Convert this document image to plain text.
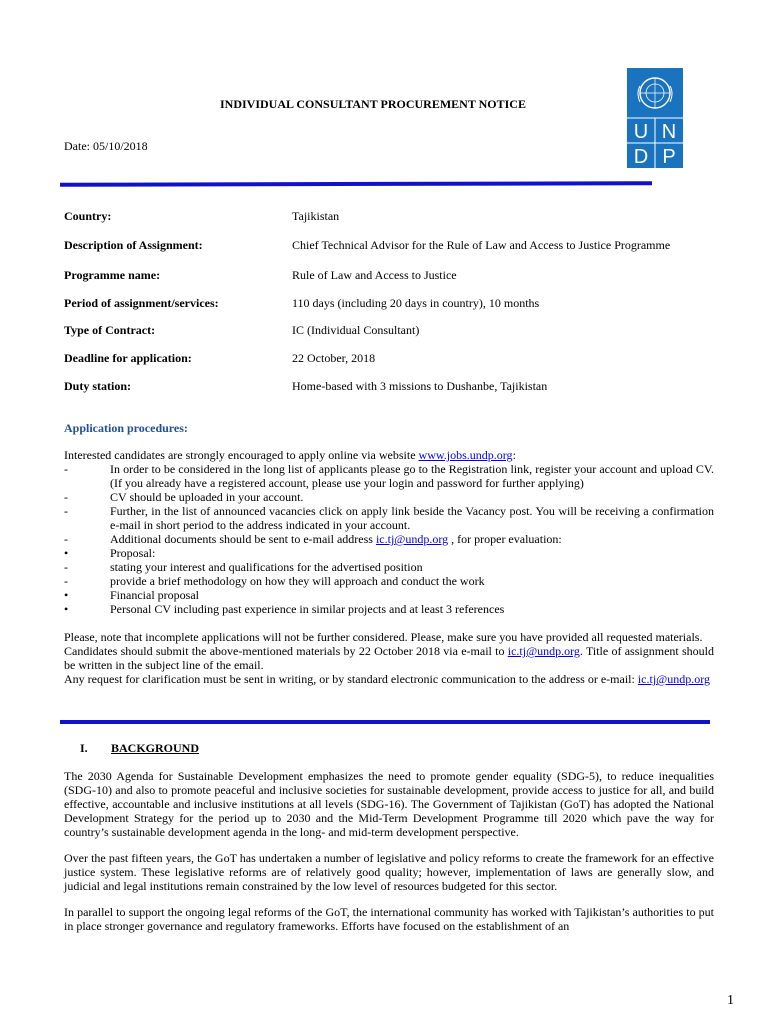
INDIVIDUAL CONSULTANT PROCUREMENT NOTICE
Date: 05/10/2018
U N
D P
Country:	Tajikistan
Description of Assignment:	Chief Technical Advisor for the Rule of Law and Access to Justice Programme
Programme name:	Rule of Law and Access to Justice
Period of assignment/services:	110 days (including 20 days in country), 10 months
Type of Contract:	IC (Individual Consultant)
Deadline for application:	22 October, 2018
Duty station:	Home-based with 3 missions to Dushanbe, Tajikistan
Application procedures:
Interested candidates are strongly encouraged to apply online via website www.jobs.undp.org:
-	In order to be considered in the long list of applicants please go to the Registration link, register your account and upload CV. (If you already have a registered account, please use your login and password for further applying)
-	CV should be uploaded in your account.
-	Further, in the list of announced vacancies click on apply link beside the Vacancy post. You will be receiving a confirmation e-mail in short period to the address indicated in your account.
-	Additional documents should be sent to e-mail address ic.tj@undp.org , for proper evaluation:
•	Proposal:
-	stating your interest and qualifications for the advertised position
-	provide a brief methodology on how they will approach and conduct the work
•	Financial proposal
•	Personal CV including past experience in similar projects and at least 3 references
Please, note that incomplete applications will not be further considered. Please, make sure you have provided all requested materials.
Candidates should submit the above-mentioned materials by 22 October 2018 via e-mail to ic.tj@undp.org. Title of assignment should be written in the subject line of the email.
Any request for clarification must be sent in writing, or by standard electronic communication to the address or e-mail: ic.tj@undp.org
I. BACKGROUND
The 2030 Agenda for Sustainable Development emphasizes the need to promote gender equality (SDG-5), to reduce inequalities (SDG-10) and also to promote peaceful and inclusive societies for sustainable development, provide access to justice for all, and build effective, accountable and inclusive institutions at all levels (SDG-16). The Government of Tajikistan (GoT) has adopted the National Development Strategy for the period up to 2030 and the Mid-Term Development Programme till 2020 which pave the way for country’s sustainable development agenda in the long- and mid-term development perspective.
Over the past fifteen years, the GoT has undertaken a number of legislative and policy reforms to create the framework for an effective justice system. These legislative reforms are of relatively good quality; however, implementation of laws are generally slow, and judicial and legal institutions remain constrained by the low level of resources budgeted for this sector.
In parallel to support the ongoing legal reforms of the GoT, the international community has worked with Tajikistan’s authorities to put in place stronger governance and regulatory frameworks. Efforts have focused on the establishment of an
1
